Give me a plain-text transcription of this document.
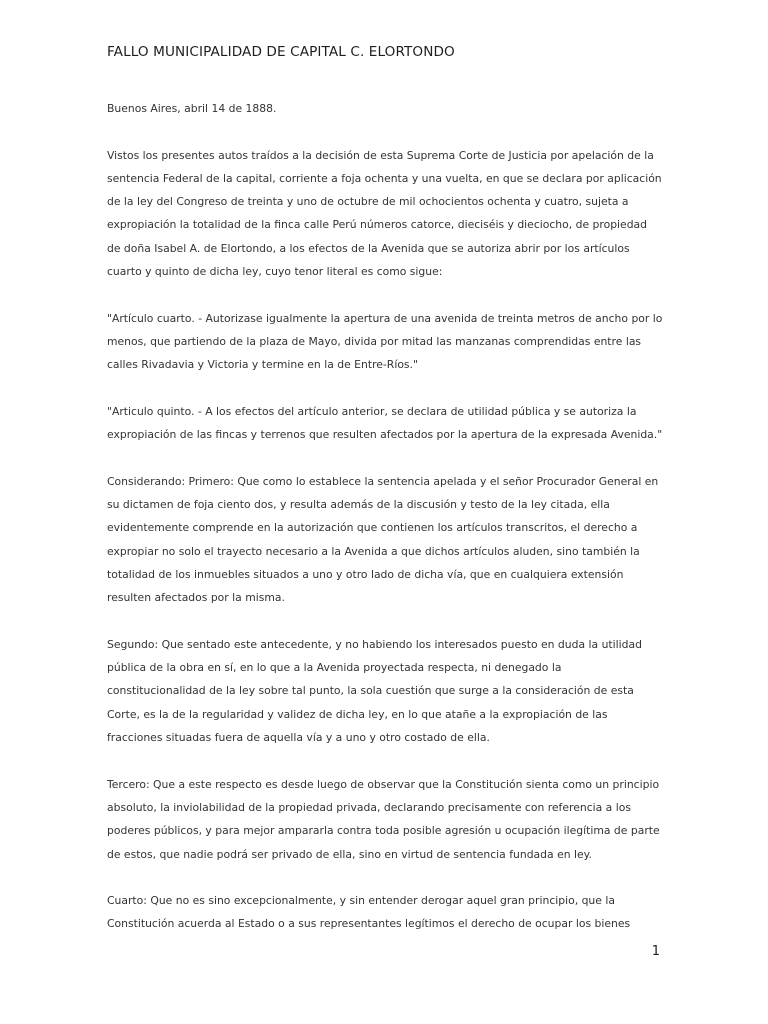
FALLO MUNICIPALIDAD DE CAPITAL C. ELORTONDO

Buenos Aires, abril 14 de 1888.

Vistos los presentes autos traídos a la decisión de esta Suprema Corte de Justicia por apelación de la sentencia Federal de la capital, corriente a foja ochenta y una vuelta, en que se declara por aplicación de la ley del Congreso de treinta y uno de octubre de mil ochocientos ochenta y cuatro, sujeta a expropiación la totalidad de la finca calle Perú números catorce, dieciséis y dieciocho, de propiedad de doña Isabel A. de Elortondo, a los efectos de la Avenida que se autoriza abrir por los artículos cuarto y quinto de dicha ley, cuyo tenor literal es como sigue:

"Artículo cuarto. - Autorizase igualmente la apertura de una avenida de treinta metros de ancho por lo menos, que partiendo de la plaza de Mayo, divida por mitad las manzanas comprendidas entre las calles Rivadavia y Victoria y termine en la de Entre-Ríos."

"Articulo quinto. - A los efectos del artículo anterior, se declara de utilidad pública y se autoriza la expropiación de las fincas y terrenos que resulten afectados por la apertura de la expresada Avenida."

Considerando: Primero: Que como lo establece la sentencia apelada y el señor Procurador General en su dictamen de foja ciento dos, y resulta además de la discusión y testo de la ley citada, ella evidentemente comprende en la autorización que contienen los artículos transcritos, el derecho a expropiar no solo el trayecto necesario a la Avenida a que dichos artículos aluden, sino también la totalidad de los inmuebles situados a uno y otro lado de dicha vía, que en cualquiera extensión resulten afectados por la misma.

Segundo: Que sentado este antecedente, y no habiendo los interesados puesto en duda la utilidad pública de la obra en sí, en lo que a la Avenida proyectada respecta, ni denegado la constitucionalidad de la ley sobre tal punto, la sola cuestión que surge a la consideración de esta Corte, es la de la regularidad y validez de dicha ley, en lo que atañe a la expropiación de las fracciones situadas fuera de aquella vía y a uno y otro costado de ella.

Tercero: Que a este respecto es desde luego de observar que la Constitución sienta como un principio absoluto, la inviolabilidad de la propiedad privada, declarando precisamente con referencia a los poderes públicos, y para mejor ampararla contra toda posible agresión u ocupación ilegítima de parte de estos, que nadie podrá ser privado de ella, sino en virtud de sentencia fundada en ley.

Cuarto: Que no es sino excepcionalmente, y sin entender derogar aquel gran principio, que la Constitución acuerda al Estado o a sus representantes legítimos el derecho de ocupar los bienes

1
